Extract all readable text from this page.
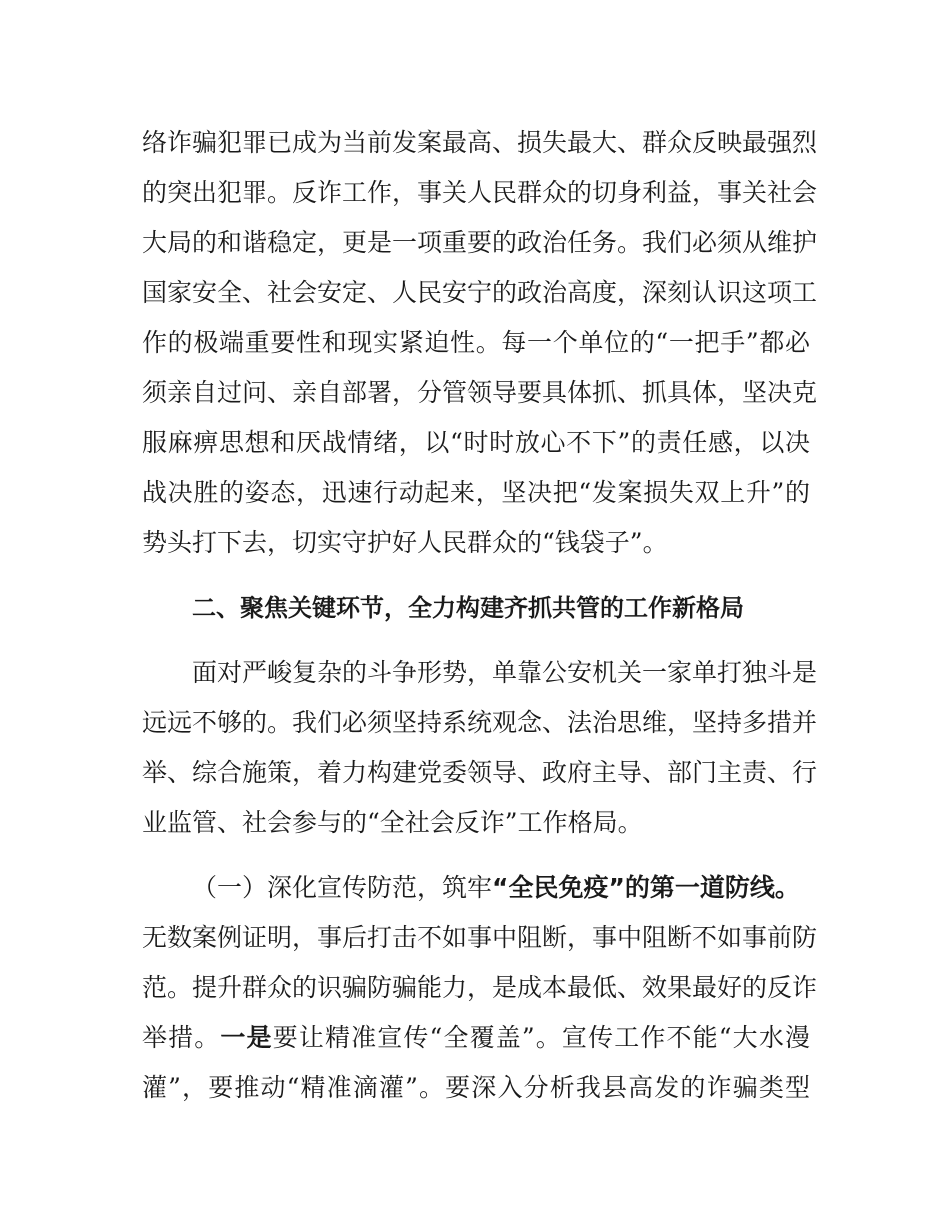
络诈骗犯罪已成为当前发案最高、损失最大、群众反映最强烈
的突出犯罪。反诈工作，事关人民群众的切身利益，事关社会
大局的和谐稳定，更是一项重要的政治任务。我们必须从维护
国家安全、社会安定、人民安宁的政治高度，深刻认识这项工
作的极端重要性和现实紧迫性。每一个单位的“一把手”都必
须亲自过问、亲自部署，分管领导要具体抓、抓具体，坚决克
服麻痹思想和厌战情绪，以“时时放心不下”的责任感，以决
战决胜的姿态，迅速行动起来，坚决把“发案损失双上升”的
势头打下去，切实守护好人民群众的“钱袋子”。
二、聚焦关键环节，全力构建齐抓共管的工作新格局
面对严峻复杂的斗争形势，单靠公安机关一家单打独斗是
远远不够的。我们必须坚持系统观念、法治思维，坚持多措并
举、综合施策，着力构建党委领导、政府主导、部门主责、行
业监管、社会参与的“全社会反诈”工作格局。
（一）深化宣传防范，筑牢“全民免疫”的第一道防线。
无数案例证明，事后打击不如事中阻断，事中阻断不如事前防
范。提升群众的识骗防骗能力，是成本最低、效果最好的反诈
举措。一是要让精准宣传“全覆盖”。宣传工作不能“大水漫
灌”，要推动“精准滴灌”。要深入分析我县高发的诈骗类型
